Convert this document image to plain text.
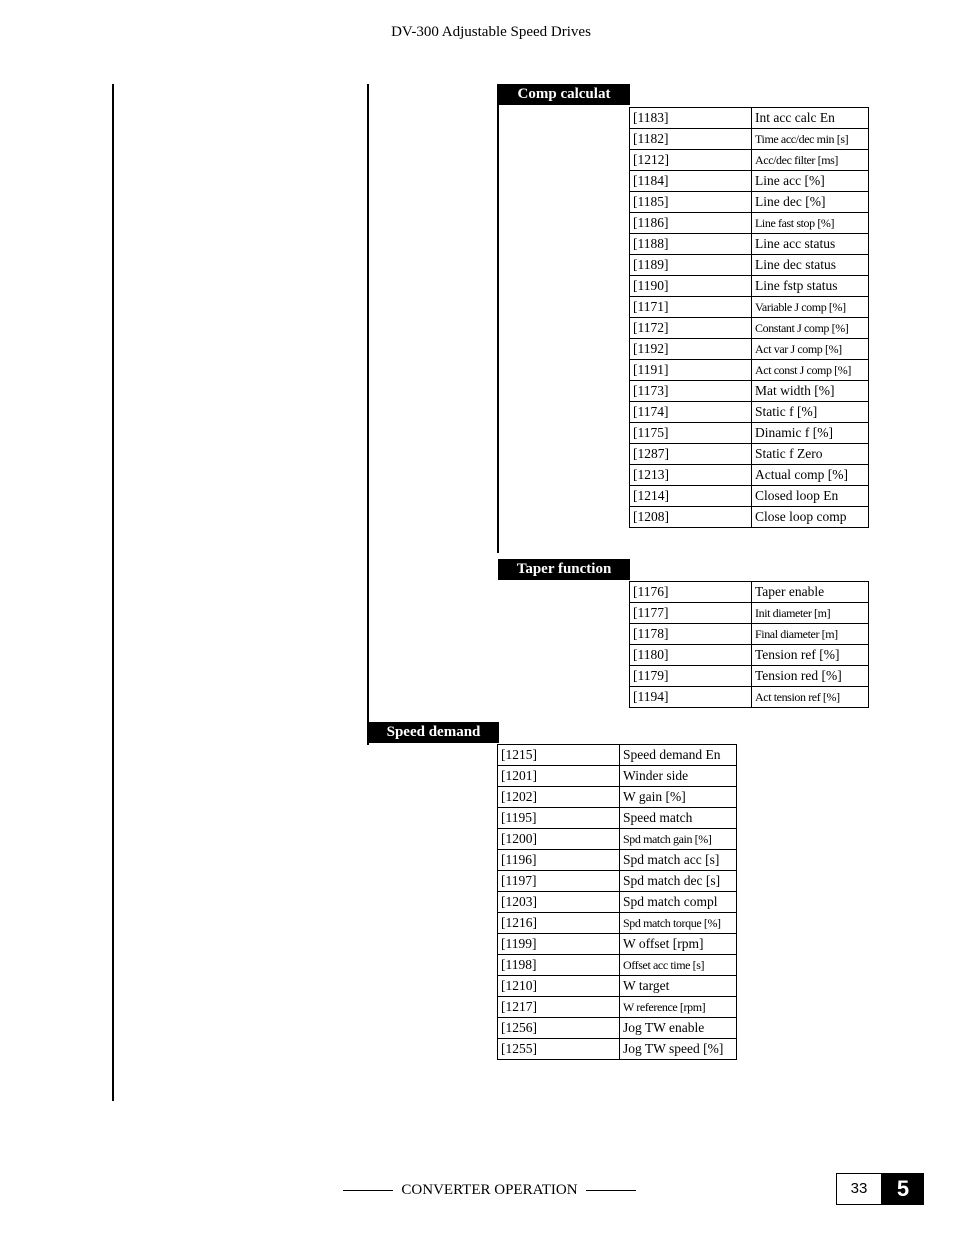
DV-300 Adjustable Speed Drives
Comp calculat
[1183]	Int acc calc En
[1182]	Time acc/dec min [s]
[1212]	Acc/dec filter [ms]
[1184]	Line acc [%]
[1185]	Line dec [%]
[1186]	Line fast stop [%]
[1188]	Line acc status
[1189]	Line dec status
[1190]	Line fstp status
[1171]	Variable J comp [%]
[1172]	Constant J comp [%]
[1192]	Act var J comp [%]
[1191]	Act const J comp [%]
[1173]	Mat width [%]
[1174]	Static f [%]
[1175]	Dinamic f [%]
[1287]	Static f Zero
[1213]	Actual comp [%]
[1214]	Closed loop En
[1208]	Close loop comp
Taper function
[1176]	Taper enable
[1177]	Init diameter [m]
[1178]	Final diameter [m]
[1180]	Tension ref [%]
[1179]	Tension red [%]
[1194]	Act tension ref [%]
Speed demand
[1215]	Speed demand En
[1201]	Winder side
[1202]	W gain [%]
[1195]	Speed match
[1200]	Spd match gain [%]
[1196]	Spd match acc [s]
[1197]	Spd match dec [s]
[1203]	Spd match compl
[1216]	Spd match torque [%]
[1199]	W offset [rpm]
[1198]	Offset acc time [s]
[1210]	W target
[1217]	W reference [rpm]
[1256]	Jog TW enable
[1255]	Jog TW speed [%]
CONVERTER OPERATION	33	5
